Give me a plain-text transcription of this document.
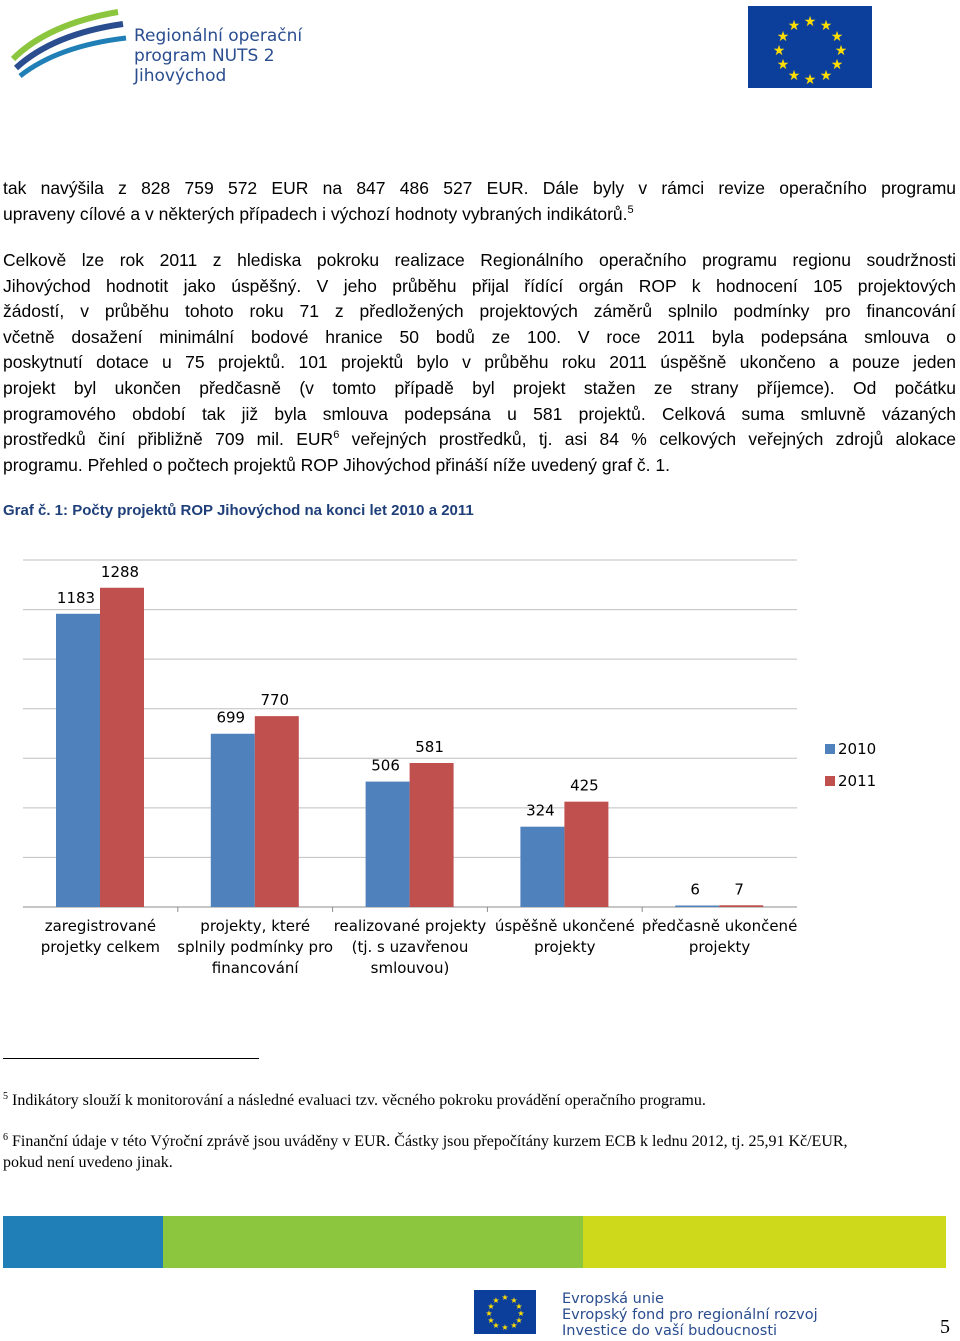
Regionální operační
program NUTS 2
Jihovýchod
★ ★
★
★
★
★
★
★
★
★
★
★
tak navýšila z 828 759 572 EUR na 847 486 527 EUR. Dále byly v rámci revize operačního programu
upraveny cílové a v některých případech i výchozí hodnoty vybraných indikátorů.$^5$
Celkově lze rok 2011 z hlediska pokroku realizace Regionálního operačního programu regionu soudržnosti
Jihovýchod hodnotit jako úspěšný. V jeho průběhu přijal řídící orgán ROP k hodnocení 105 projektových
žádostí, v průběhu tohoto roku 71 z předložených projektových záměrů splnilo podmínky pro financování
včetně dosažení minimální bodové hranice 50 bodů ze 100. V roce 2011 byla podepsána smlouva o
poskytnutí dotace u 75 projektů. 101 projektů bylo v průběhu roku 2011 úspěšně ukončeno a pouze jeden
projekt byl ukončen předčasně (v tomto případě byl projekt stažen ze strany příjemce). Od počátku
programového období tak již byla smlouva podepsána u 581 projektů. Celková suma smluvně vázaných
prostředků činí přibližně 709 mil. EUR$^6$ veřejných prostředků, tj. asi 84 % celkových veřejných zdrojů alokace
programu. Přehled o počtech projektů ROP Jihovýchod přináší níže uvedený graf č. 1.
Graf č. 1: Počty projektů ROP Jihovýchod na konci let 2010 a 2011
1183
1288
zaregistrované
projetky celkem
699
770
projekty, které
splnily podmínky pro
financování
506
581
realizované projekty
(tj. s uzavřenou
smlouvou)
324
425
úspěšně ukončené
projekty
6 7
předčasně ukončené
projekty
2010
2011
$^5$ Indikátory slouží k monitorování a následné evaluaci tzv. věcného pokroku provádění operačního programu.
$^6$ Finanční údaje v této Výroční zprávě jsou uváděny v EUR. Částky jsou přepočítány kurzem ECB k lednu 2012, tj. 25,91 Kč/EUR,
pokud není uvedeno jinak.
★ ★
★
★
★
★
★
★
★
★
★
★	Evropská unie
Evropský fond pro regionální rozvoj
Investice do vaší budoucnosti	5
